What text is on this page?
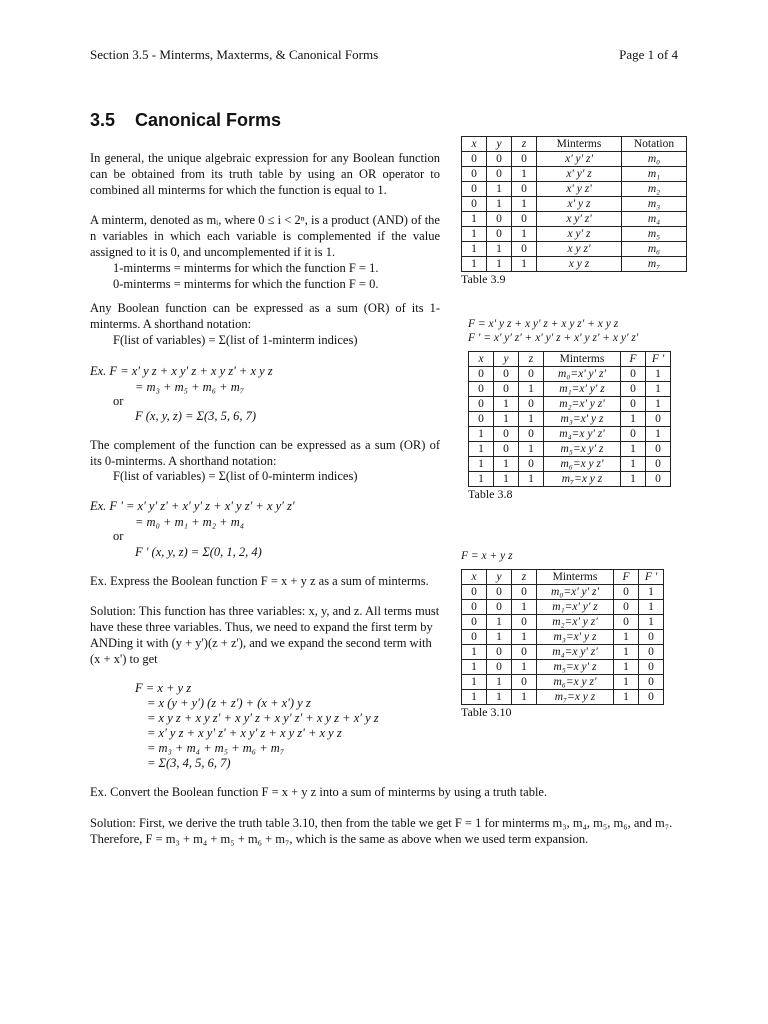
Section 3.5 - Minterms, Maxterms, & Canonical Forms	Page 1 of 4
3.5    Canonical Forms
In general, the unique algebraic expression for any Boolean function can be obtained from its truth table by using an OR operator to combined all minterms for which the function is equal to 1.
A minterm, denoted as mᵢ, where 0 ≤ i < 2ⁿ, is a product (AND) of the n variables in which each variable is complemented if the value assigned to it is 0, and uncomplemented if it is 1.
1-minterms = minterms for which the function F = 1.
0-minterms = minterms for which the function F = 0.
Any Boolean function can be expressed as a sum (OR) of its 1-minterms. A shorthand notation:
F(list of variables) = Σ(list of 1-minterm indices)
Ex. F = x' y z + x y' z + x y z' + x y z
= m₃ + m₅ + m₆ + m₇
or
F (x, y, z) = Σ(3, 5, 6, 7)
The complement of the function can be expressed as a sum (OR) of its 0-minterms. A shorthand notation:
F(list of variables) = Σ(list of 0-minterm indices)
Ex. F ' = x' y' z' + x' y' z + x' y z' + x y' z'
= m₀ + m₁ + m₂ + m₄
or
F ' (x, y, z) = Σ(0, 1, 2, 4)
Ex. Express the Boolean function F = x + y z as a sum of minterms.
Solution: This function has three variables: x, y, and z. All terms must have these three variables. Thus, we need to expand the first term by ANDing it with (y + y')(z + z'), and we expand the second term with (x + x') to get
F = x + y z
= x (y + y') (z + z') + (x + x') y z
= x y z + x y z' + x y' z + x y' z' + x y z + x' y z
= x' y z + x y' z' + x y' z + x y z' + x y z
= m₃ + m₄ + m₅ + m₆ + m₇
= Σ(3, 4, 5, 6, 7)
Ex. Convert the Boolean function F = x + y z into a sum of minterms by using a truth table.
Solution: First, we derive the truth table 3.10, then from the table we get F = 1 for minterms m₃, m₄, m₅, m₆, and m₇.
Therefore, F = m₃ + m₄ + m₅ + m₆ + m₇, which is the same as above when we used term expansion.
x	y	z	Minterms	Notation
0	0	0	x' y' z'	m₀
0	0	1	x' y' z	m₁
0	1	0	x' y z'	m₂
0	1	1	x' y z	m₃
1	0	0	x y' z'	m₄
1	0	1	x y' z	m₅
1	1	0	x y z'	m₆
1	1	1	x y z	m₇
Table 3.9
F = x' y z + x y' z + x y z' + x y z
F ' = x' y' z' + x' y' z + x' y z' + x y' z'
x	y	z	Minterms	F	F '
0	0	0	m₀=x' y' z'	0	1
0	0	1	m₁=x' y' z	0	1
0	1	0	m₂=x' y z'	0	1
0	1	1	m₃=x' y z	1	0
1	0	0	m₄=x y' z'	0	1
1	0	1	m₅=x y' z	1	0
1	1	0	m₆=x y z'	1	0
1	1	1	m₇=x y z	1	0
Table 3.8
F = x + y z
x	y	z	Minterms	F	F '
0	0	0	m₀=x' y' z'	0	1
0	0	1	m₁=x' y' z	0	1
0	1	0	m₂=x' y z'	0	1
0	1	1	m₃=x' y z	1	0
1	0	0	m₄=x y' z'	1	0
1	0	1	m₅=x y' z	1	0
1	1	0	m₆=x y z'	1	0
1	1	1	m₇=x y z	1	0
Table 3.10
